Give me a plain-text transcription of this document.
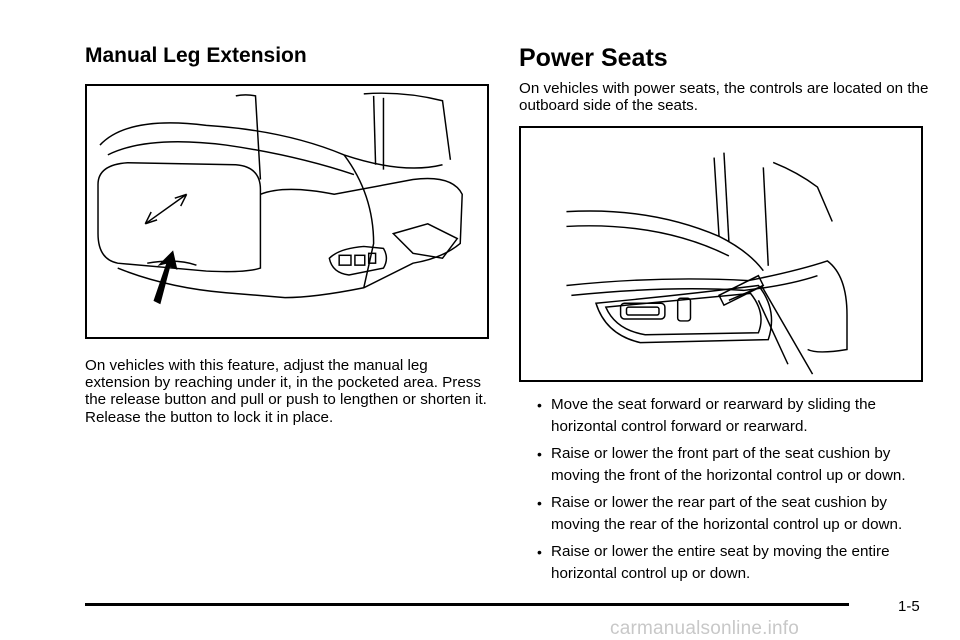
Manual Leg Extension	Power Seats

On vehicles with this feature, adjust the manual leg extension by reaching under it, in the pocketed area. Press the release button and pull or push to lengthen or shorten it. Release the button to lock it in place.

On vehicles with power seats, the controls are located on the outboard side of the seats.

• Move the seat forward or rearward by sliding the horizontal control forward or rearward.
• Raise or lower the front part of the seat cushion by moving the front of the horizontal control up or down.
• Raise or lower the rear part of the seat cushion by moving the rear of the horizontal control up or down.
• Raise or lower the entire seat by moving the entire horizontal control up or down.
1-5
carmanualsonline.info
